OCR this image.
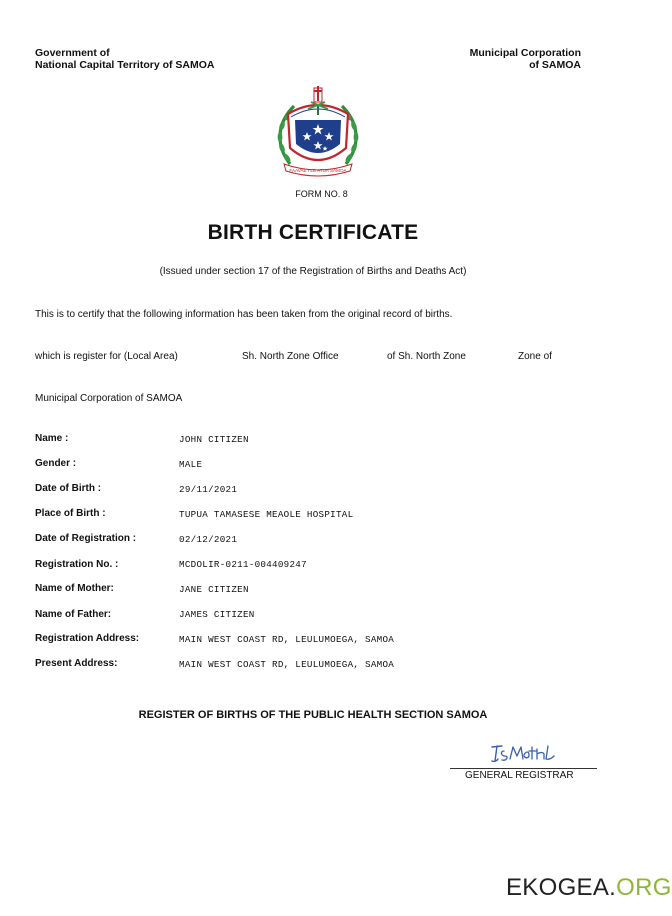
Government of
National Capital Territory of SAMOA
Municipal Corporation
of SAMOA
FAAVAE I LE ATUA SAMOA
FORM NO. 8
BIRTH CERTIFICATE
(Issued under section 17 of the Registration of Births and Deaths Act)
This is to certify that the following information has been taken from the original record of births.
which is register for (Local Area)	Sh. North Zone Office	of Sh. North Zone	Zone of
Municipal Corporation of SAMOA
Name :	JOHN CITIZEN
Gender :	MALE
Date of Birth :	29/11/2021
Place of Birth :	TUPUA TAMASESE MEAOLE HOSPITAL
Date of Registration :	02/12/2021
Registration No. :	MCDOLIR-0211-004409247
Name of Mother:	JANE CITIZEN
Name of Father:	JAMES CITIZEN
Registration Address:	MAIN WEST COAST RD, LEULUMOEGA, SAMOA
Present Address:	MAIN WEST COAST RD, LEULUMOEGA, SAMOA
REGISTER OF BIRTHS OF THE PUBLIC HEALTH SECTION SAMOA
GENERAL REGISTRAR
EKOGEA.ORG
